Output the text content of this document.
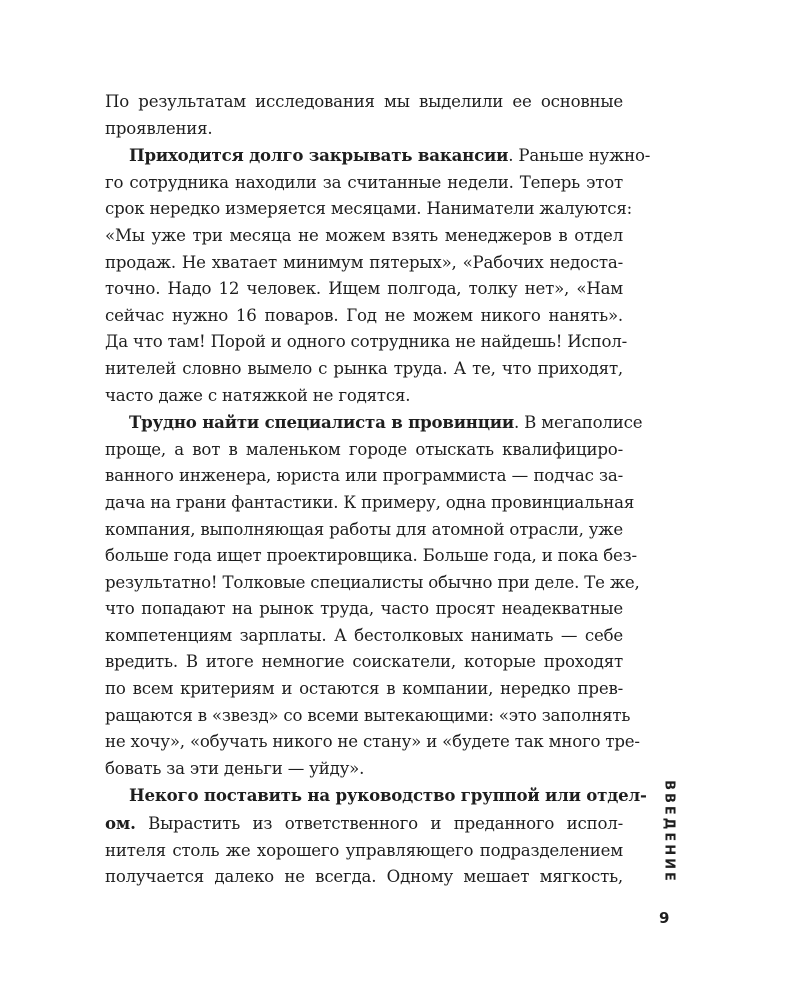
По результатам исследования мы выделили ее основные
проявления.
Приходится долго закрывать вакансии. Раньше нужно-
го сотрудника находили за считанные недели. Теперь этот
срок нередко измеряется месяцами. Наниматели жалуются:
«Мы уже три месяца не можем взять менеджеров в отдел
продаж. Не хватает минимум пятерых», «Рабочих недоста-
точно. Надо 12 человек. Ищем полгода, толку нет», «Нам
сейчас нужно 16 поваров. Год не можем никого нанять».
Да что там! Порой и одного сотрудника не найдешь! Испол-
нителей словно вымело с рынка труда. А те, что приходят,
часто даже с натяжкой не годятся.
Трудно найти специалиста в провинции. В мегаполисе
проще, а вот в маленьком городе отыскать квалифициро-
ванного инженера, юриста или программиста — подчас за-
дача на грани фантастики. К примеру, одна провинциальная
компания, выполняющая работы для атомной отрасли, уже
больше года ищет проектировщика. Больше года, и пока без-
результатно! Толковые специалисты обычно при деле. Те же,
что попадают на рынок труда, часто просят неадекватные
компетенциям зарплаты. А бестолковых нанимать — себе
вредить. В итоге немногие соискатели, которые проходят
по всем критериям и остаются в компании, нередко прев-
ращаются в «звезд» со всеми вытекающими: «это заполнять
не хочу», «обучать никого не стану» и «будете так много тре-
бовать за эти деньги — уйду».
Некого поставить на руководство группой или отдел-
ом. Вырастить из ответственного и преданного испол-
нителя столь же хорошего управляющего подразделением
получается далеко не всегда. Одному мешает мягкость,	ВВЕДЕНИЕ
9
